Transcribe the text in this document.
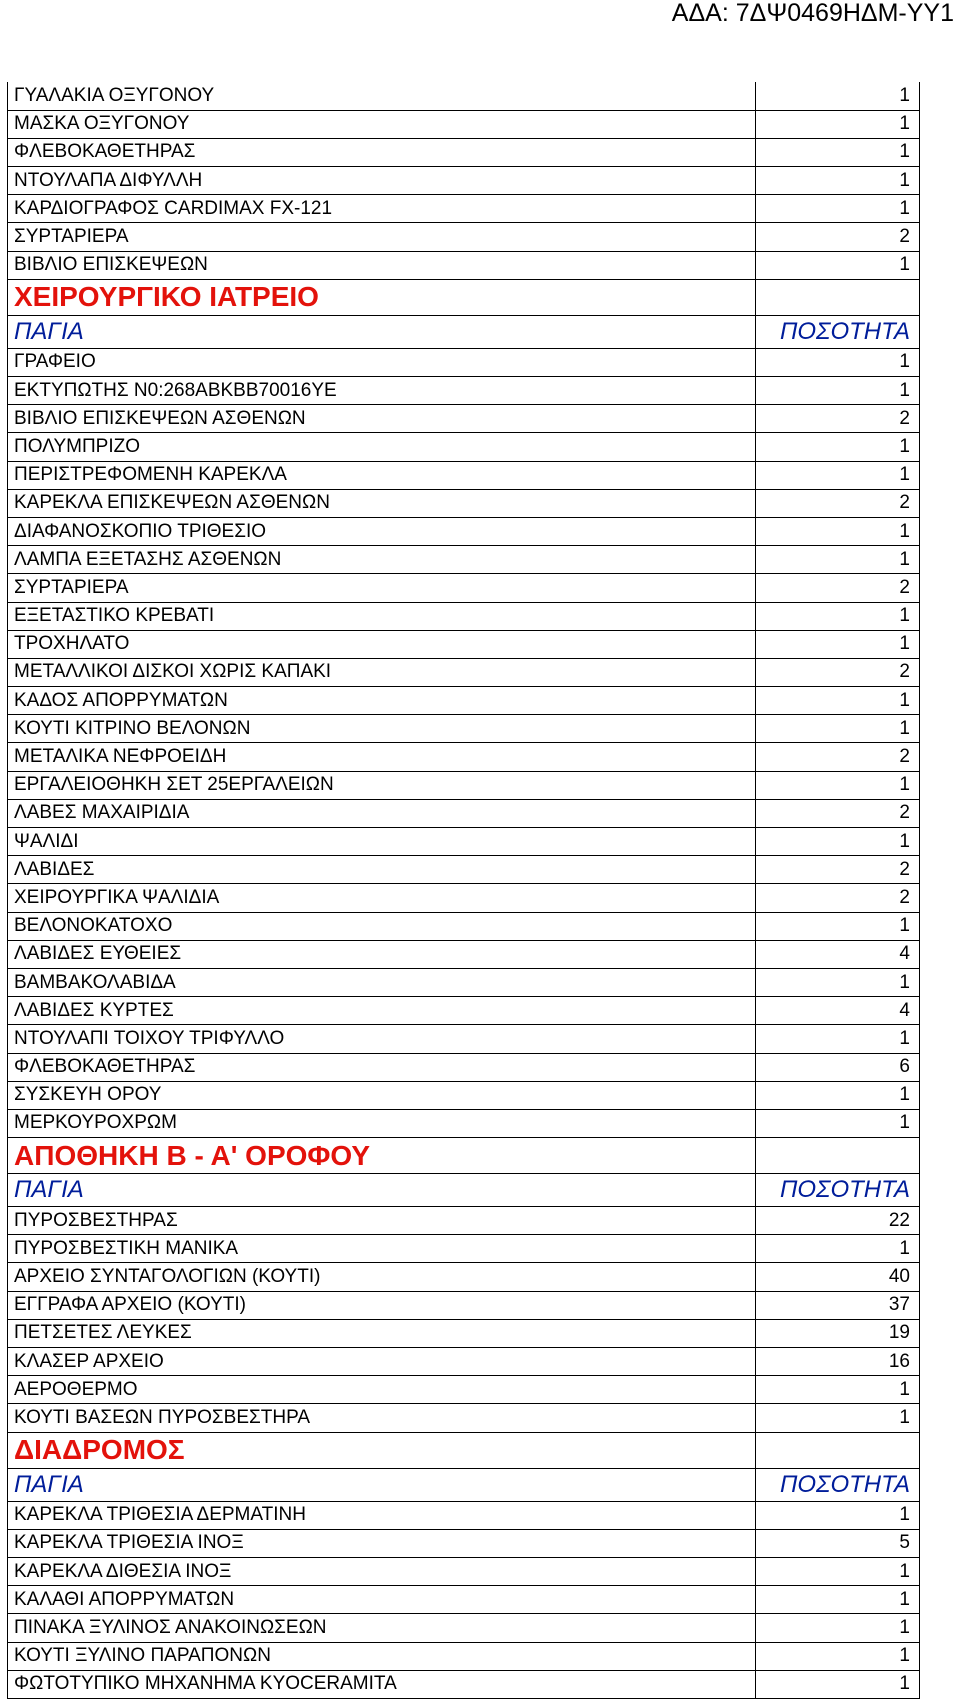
ΑΔΑ: 7ΔΨ0469ΗΔΜ-ΥΥ1
ΓΥΑΛΑΚΙΑ ΟΞΥΓΟΝΟΥ	1
ΜΑΣΚΑ ΟΞΥΓΟΝΟΥ	1
ΦΛΕΒΟΚΑΘΕΤΗΡΑΣ	1
ΝΤΟΥΛΑΠΑ ΔΙΦΥΛΛΗ	1
ΚΑΡΔΙΟΓΡΑΦΟΣ CARDIMAX FX-121	1
ΣΥΡΤΑΡΙΕΡΑ	2
ΒΙΒΛΙΟ ΕΠΙΣΚΕΨΕΩΝ	1
ΧΕΙΡΟΥΡΓΙΚΟ ΙΑΤΡΕΙΟ	
ΠΑΓΙΑ	ΠΟΣΟΤΗΤΑ
ΓΡΑΦΕΙΟ	1
ΕΚΤΥΠΩΤΗΣ N0:268ABKBB70016YE	1
ΒΙΒΛΙΟ ΕΠΙΣΚΕΨΕΩΝ ΑΣΘΕΝΩΝ	2
ΠΟΛΥΜΠΡΙΖΟ	1
ΠΕΡΙΣΤΡΕΦΟΜΕΝΗ ΚΑΡΕΚΛΑ	1
ΚΑΡΕΚΛΑ ΕΠΙΣΚΕΨΕΩΝ ΑΣΘΕΝΩΝ	2
ΔΙΑΦΑΝΟΣΚΟΠΙΟ ΤΡΙΘΕΣΙΟ	1
ΛΑΜΠΑ ΕΞΕΤΑΣΗΣ ΑΣΘΕΝΩΝ	1
ΣΥΡΤΑΡΙΕΡΑ	2
ΕΞΕΤΑΣΤΙΚΟ ΚΡΕΒΑΤΙ	1
ΤΡΟΧΗΛΑΤΟ	1
ΜΕΤΑΛΛΙΚΟΙ ΔΙΣΚΟΙ ΧΩΡΙΣ ΚΑΠΑΚΙ	2
ΚΑΔΟΣ ΑΠΟΡΡΥΜΑΤΩΝ	1
ΚΟΥΤΙ ΚΙΤΡΙΝΟ ΒΕΛΟΝΩΝ	1
ΜΕΤΑΛΙΚΑ ΝΕΦΡΟΕΙΔΗ	2
ΕΡΓΑΛΕΙΟΘΗΚΗ ΣΕΤ 25ΕΡΓΑΛΕΙΩΝ	1
ΛΑΒΕΣ ΜΑΧΑΙΡΙΔΙΑ	2
ΨΑΛΙΔΙ	1
ΛΑΒΙΔΕΣ	2
ΧΕΙΡΟΥΡΓΙΚΑ ΨΑΛΙΔΙΑ	2
ΒΕΛΟΝΟΚΑΤΟΧΟ	1
ΛΑΒΙΔΕΣ ΕΥΘΕΙΕΣ	4
ΒΑΜΒΑΚΟΛΑΒΙΔΑ	1
ΛΑΒΙΔΕΣ ΚΥΡΤΕΣ	4
ΝΤΟΥΛΑΠΙ ΤΟΙΧΟΥ ΤΡΙΦΥΛΛΟ	1
ΦΛΕΒΟΚΑΘΕΤΗΡΑΣ	6
ΣΥΣΚΕΥΗ ΟΡΟΥ	1
ΜΕΡΚΟΥΡΟΧΡΩΜ	1
ΑΠΟΘΗΚΗ Β - Α' ΟΡΟΦΟΥ	
ΠΑΓΙΑ	ΠΟΣΟΤΗΤΑ
ΠΥΡΟΣΒΕΣΤΗΡΑΣ	22
ΠΥΡΟΣΒΕΣΤΙΚΗ ΜΑΝΙΚΑ	1
ΑΡΧΕΙΟ ΣΥΝΤΑΓΟΛΟΓΙΩΝ (ΚΟΥΤΙ)	40
ΕΓΓΡΑΦΑ ΑΡΧΕΙΟ (ΚΟΥΤΙ)	37
ΠΕΤΣΕΤΕΣ ΛΕΥΚΕΣ	19
ΚΛΑΣΕΡ ΑΡΧΕΙΟ	16
ΑΕΡΟΘΕΡΜΟ	1
ΚΟΥΤΙ ΒΑΣΕΩΝ ΠΥΡΟΣΒΕΣΤΗΡΑ	1
ΔΙΑΔΡΟΜΟΣ	
ΠΑΓΙΑ	ΠΟΣΟΤΗΤΑ
ΚΑΡΕΚΛΑ ΤΡΙΘΕΣΙΑ ΔΕΡΜΑΤΙΝΗ	1
ΚΑΡΕΚΛΑ ΤΡΙΘΕΣΙΑ ΙΝΟΞ	5
ΚΑΡΕΚΛΑ ΔΙΘΕΣΙΑ ΙΝΟΞ	1
ΚΑΛΑΘΙ ΑΠΟΡΡΥΜΑΤΩΝ	1
ΠΙΝΑΚΑ ΞΥΛΙΝΟΣ ΑΝΑΚΟΙΝΩΣΕΩΝ	1
ΚΟΥΤΙ ΞΥΛΙΝΟ ΠΑΡΑΠΟΝΩΝ	1
ΦΩΤΟΤΥΠΙΚΟ ΜΗΧΑΝΗΜΑ KYOCERAMITA	1
